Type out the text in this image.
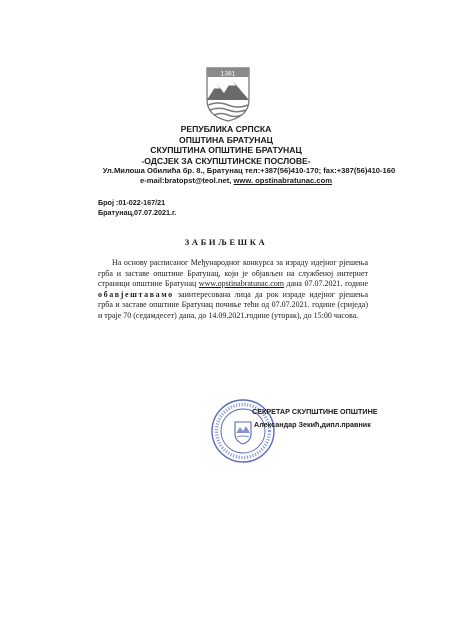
1381
РЕПУБЛИКА СРПСКА
ОПШТИНА БРАТУНАЦ
СКУПШТИНА ОПШТИНЕ БРАТУНАЦ
-ОДСЈЕК ЗА СКУПШТИНСКЕ ПОСЛОВЕ-
Ул.Милоша Обилића бр. 8., Братунац тел:+387(56)410-170; fax:+387(56)410-160
e-mail:bratopst@teol.net, www. opstinabratunac.com
Број :01-022-167/21
Братунац,07.07.2021.г.
ЗАБИЉЕШКА

На основу расписаног Међународног конкурса за израду идејног рјешења грба и заставе општине Братунац, који је објављен на службеној интернет страници општине Братунац www.opstinabratunac.com дана 07.07.2021. године обавјештавамо заинтересована лица да рок израде идејног рјешења грба и заставе општине Братунац почиње тећи од 07.07.2021. године (сриједа) и траје 70 (седамдесет) дана, до 14.09.2021.године (уторак), до 15:00 часова.

СЕКРЕТАР СКУПШТИНЕ ОПШТИНЕ
Александар Зекић,дипл.правник
